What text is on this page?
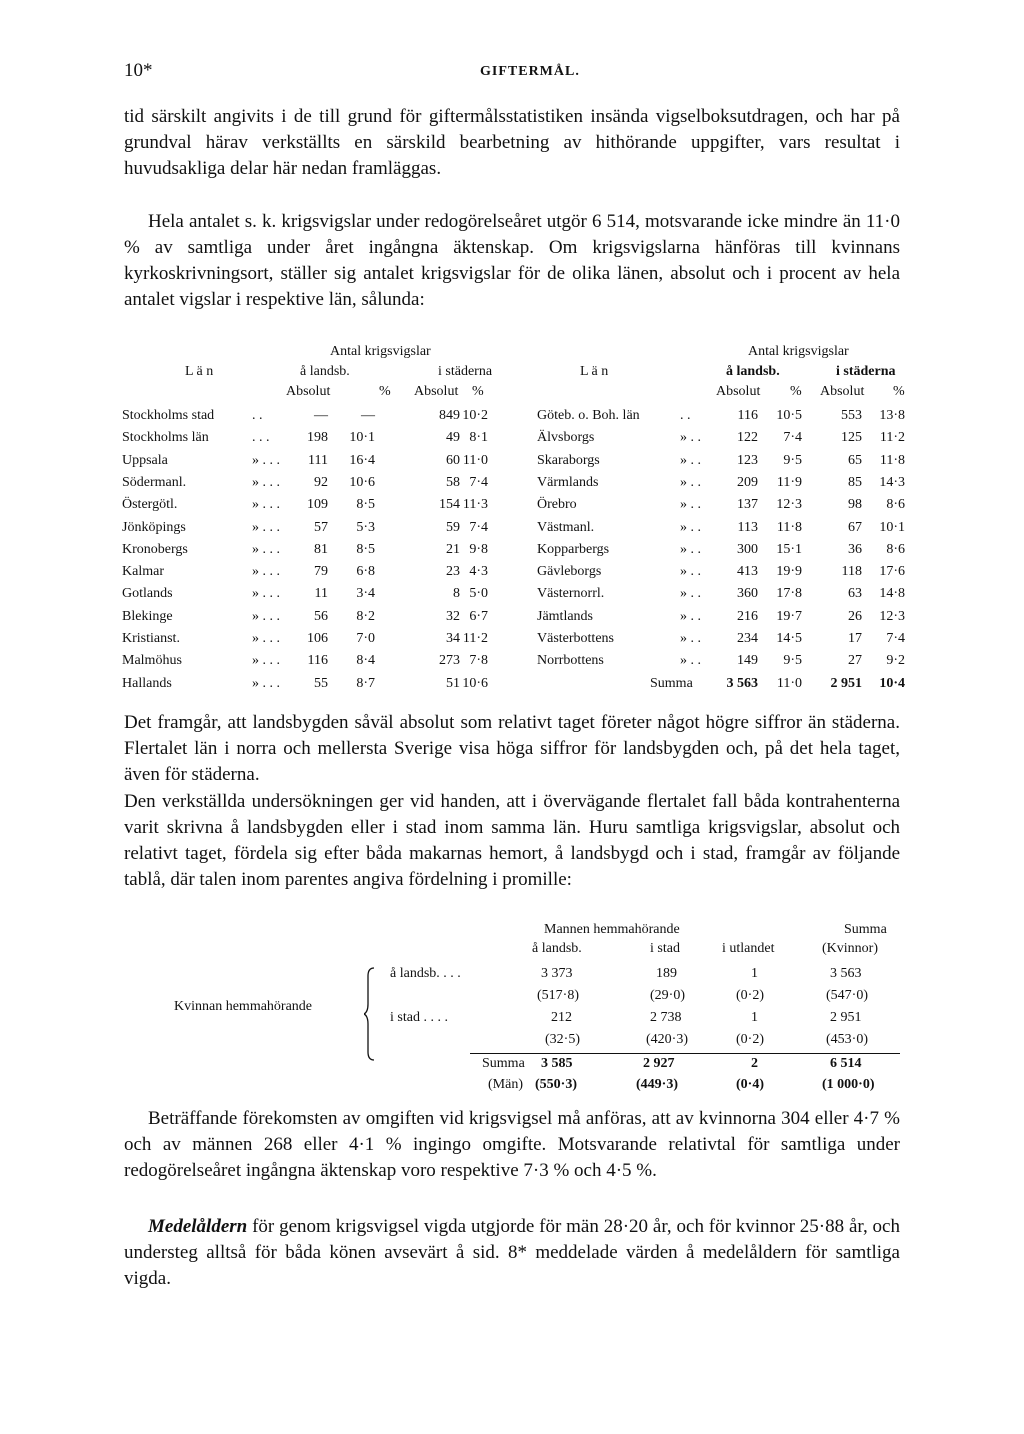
10*	GIFTERMÅL.

tid särskilt angivits i de till grund för giftermålsstatistiken insända vigselboksutdragen, och har på grundval härav verkställts en särskild bearbetning av hithörande uppgifter, vars resultat i huvudsakliga delar här nedan framläggas.

Hela antalet s. k. krigsvigslar under redogörelseåret utgör 6 514, motsvarande icke mindre än 11·0 % av samtliga under året ingångna äktenskap. Om krigsvigslarna hänföras till kvinnans kyrkoskrivningsort, ställer sig antalet krigsvigslar för de olika länen, absolut och i procent av hela antalet vigslar i respektive län, sålunda:

Antal krigsvigslar	Antal krigsvigslar
L ä n	å landsb.	i städerna	L ä n	å landsb.	i städerna
Absolut	% Absolut %	Absolut % Absolut %
Stockholms stad	. .	—	—	849 10·2
Stockholms län	. . .	198	10·1	49 8·1
Uppsala	» . . .	111	16·4	60 11·0
Södermanl.	» . . .	92	10·6	58 7·4
Östergötl.	» . . .	109	8·5	154 11·3
Jönköpings	» . . .	57	5·3	59 7·4
Kronobergs	» . . .	81	8·5	21 9·8
Kalmar	» . . .	79	6·8	23 4·3
Gotlands	» . . .	11	3·4	8 5·0
Blekinge	» . . .	56	8·2	32 6·7
Kristianst.	» . . .	106	7·0	34 11·2
Malmöhus	» . . .	116	8·4	273 7·8
Hallands	» . . .	55	8·7	51 10·6
Göteb. o. Boh. län	. .	116	10·5	553	13·8
Älvsborgs	» . .	122	7·4	125	11·2
Skaraborgs	» . .	123	9·5	65	11·8
Värmlands	» . .	209	11·9	85	14·3
Örebro	» . .	137	12·3	98	8·6
Västmanl.	» . .	113	11·8	67	10·1
Kopparbergs	» . .	300	15·1	36	8·6
Gävleborgs	» . .	413	19·9	118	17·6
Västernorrl.	» . .	360	17·8	63	14·8
Jämtlands	» . .	216	19·7	26	12·3
Västerbottens	» . .	234	14·5	17	7·4
Norrbottens	» . .	149	9·5	27	9·2
Summa	3 563	11·0	2 951	10·4

Det framgår, att landsbygden såväl absolut som relativt taget företer något högre siffror än städerna. Flertalet län i norra och mellersta Sverige visa höga siffror för landsbygden och, på det hela taget, även för städerna.

Den verkställda undersökningen ger vid handen, att i övervägande flertalet fall båda kontrahenterna varit skrivna å landsbygden eller i stad inom samma län. Huru samtliga krigsvigslar, absolut och relativt taget, fördela sig efter båda makarnas hemort, å landsbygd och i stad, framgår av följande tablå, där talen inom parentes angiva fördelning i promille:

Mannen hemmahörande	Summa
å landsb.	i stad	i utlandet	(Kvinnor)
Kvinnan hemmahörande
å landsb. . . .	3 373	189	1	3 563
(517·8)	(29·0)	(0·2)	(547·0)
i stad . . . .	212	2 738	1	2 951
(32·5)	(420·3)	(0·2)	(453·0)
Summa 3 585	2 927	2	6 514
(Män) (550·3)	(449·3)	(0·4)	(1 000·0)

Beträffande förekomsten av omgiften vid krigsvigsel må anföras, att av kvinnorna 304 eller 4·7 % och av männen 268 eller 4·1 % ingingo omgifte. Motsvarande relativtal för samtliga under redogörelseåret ingångna äktenskap voro respektive 7·3 % och 4·5 %.

Medelåldern för genom krigsvigsel vigda utgjorde för män 28·20 år, och för kvinnor 25·88 år, och understeg alltså för båda könen avsevärt å sid. 8* meddelade värden å medelåldern för samtliga vigda.
